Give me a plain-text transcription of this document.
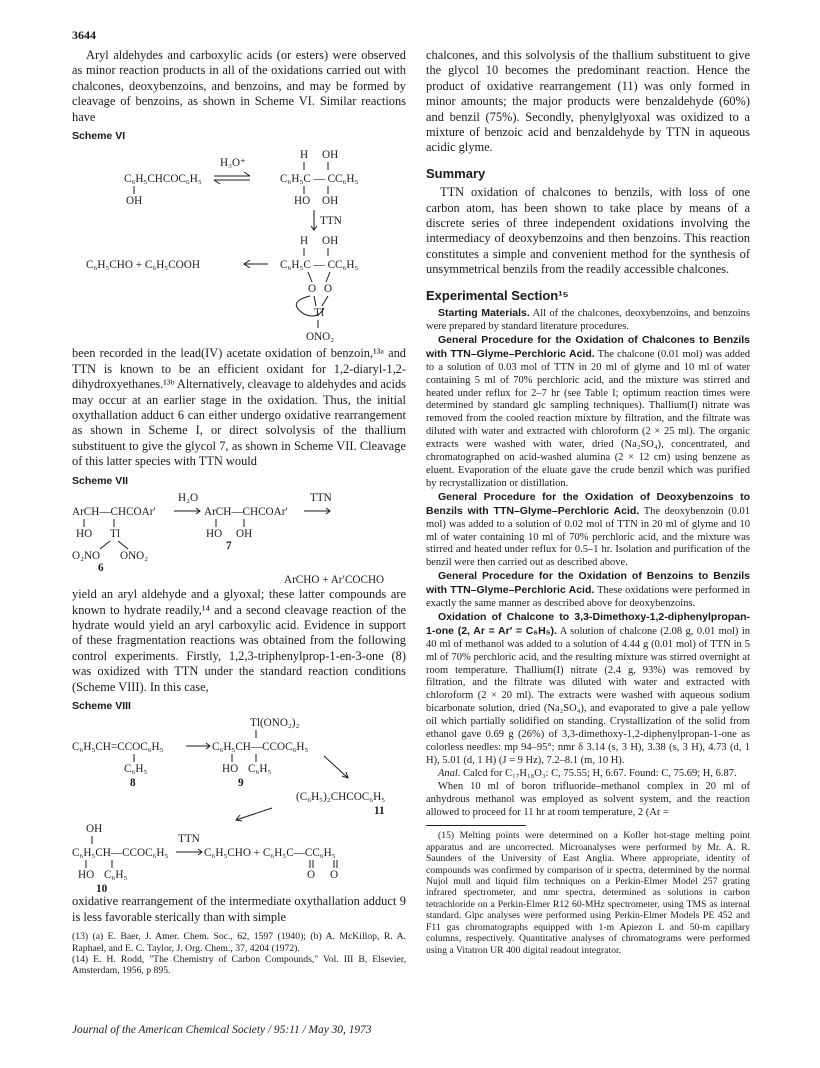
3644

Aryl aldehydes and carboxylic acids (or esters) were observed as minor reaction products in all of the oxidations carried out with chalcones, deoxybenzoins, and benzoins, and may be formed by cleavage of benzoins, as shown in Scheme VI. Similar reactions have

Scheme VI
H OH
H₃O⁺
C₆H₅CHCOC₆H₅	C₆H₅C — CC₆H₅
OH	HO OH
TTN
H OH
C₆H₅CHO + C₆H₅COOH	C₆H₅C — CC₆H₅
O O
Tl
ONO₂

been recorded in the lead(IV) acetate oxidation of benzoin,¹³ᵃ and TTN is known to be an efficient oxidant for 1,2-diaryl-1,2-dihydroxyethanes.¹³ᵇ Alternatively, cleavage to aldehydes and acids may occur at an earlier stage in the oxidation. Thus, the initial oxythallation adduct 6 can either undergo oxidative rearrangement as shown in Scheme I, or direct solvolysis of the thallium substituent to give the glycol 7, as shown in Scheme VII. Cleavage of this latter species with TTN would

Scheme VII
H₂O	TTN
ArCH—CHCOAr′	ArCH—CHCOAr′
HO Tl	HO OH
7
O₂NO ONO₂
6
ArCHO + Ar′COCHO

yield an aryl aldehyde and a glyoxal; these latter compounds are known to hydrate readily,¹⁴ and a second cleavage reaction of the hydrate would yield an aryl carboxylic acid. Evidence in support of these fragmentation reactions was obtained from the following control experiments. Firstly, 1,2,3-triphenylprop-1-en-3-one (8) was oxidized with TTN under the standard reaction conditions (Scheme VIII). In this case,

Scheme VIII
Tl(ONO₂)₂
C₆H₅CH=CCOC₆H₅	C₆H₅CH—CCOC₆H₅
C₆H₅	HO C₆H₅
8	9
(C₆H₅)₂CHCOC₆H₅
11
OH
TTN
C₆H₅CH—CCOC₆H₅	C₆H₅CHO + C₆H₅C—CC₆H₅
HO C₆H₅	O O
10

oxidative rearrangement of the intermediate oxythallation adduct 9 is less favorable sterically than with simple

(13) (a) E. Baer, J. Amer. Chem. Soc., 62, 1597 (1940); (b) A. McKillop, R. A. Raphael, and E. C. Taylor, J. Org. Chem., 37, 4204 (1972).

(14) E. H. Rodd, "The Chemistry of Carbon Compounds," Vol. III B, Elsevier, Amsterdam, 1956, p 895.

chalcones, and this solvolysis of the thallium substituent to give the glycol 10 becomes the predominant reaction. Hence the product of oxidative rearrangement (11) was only formed in minor amounts; the major products were benzaldehyde (60%) and benzil (75%). Secondly, phenylglyoxal was oxidized to a mixture of benzoic acid and benzaldehyde by TTN in aqueous acidic glyme.

Summary

TTN oxidation of chalcones to benzils, with loss of one carbon atom, has been shown to take place by means of a discrete series of three independent oxidations involving the intermediacy of deoxybenzoins and then benzoins. This reaction constitutes a simple and convenient method for the synthesis of unsymmetrical benzils from the readily accessible chalcones.

Experimental Section¹⁵

Starting Materials. All of the chalcones, deoxybenzoins, and benzoins were prepared by standard literature procedures.

General Procedure for the Oxidation of Chalcones to Benzils with TTN–Glyme–Perchloric Acid. The chalcone (0.01 mol) was added to a solution of 0.03 mol of TTN in 20 ml of glyme and 10 ml of water containing 5 ml of 70% perchloric acid, and the mixture was stirred and heated under reflux for 2–7 hr (see Table I; optimum reaction times were determined by standard glc sampling techniques). Thallium(I) nitrate was removed from the cooled reaction mixture by filtration, and the filtrate was diluted with water and extracted with chloroform (2 × 25 ml). The organic extracts were washed with water, dried (Na₂SO₄), concentrated, and chromatographed on acid-washed alumina (2 × 12 cm) using benzene as eluent. Evaporation of the eluate gave the crude benzil which was purified by recrystallization or distillation.

General Procedure for the Oxidation of Deoxybenzoins to Benzils with TTN–Glyme–Perchloric Acid. The deoxybenzoin (0.01 mol) was added to a solution of 0.02 mol of TTN in 20 ml of glyme and 10 ml of water containing 10 ml of 70% perchloric acid, and the mixture was stirred and heated under reflux for 0.5–1 hr. Isolation and purification of the benzil were then carried out as described above.

General Procedure for the Oxidation of Benzoins to Benzils with TTN–Glyme–Perchloric Acid. These oxidations were performed in exactly the same manner as described above for deoxybenzoins.

Oxidation of Chalcone to 3,3-Dimethoxy-1,2-diphenylpropan-1-one (2, Ar = Ar′ = C₆H₅). A solution of chalcone (2.08 g, 0.01 mol) in 40 ml of methanol was added to a solution of 4.44 g (0.01 mol) of TTN in 5 ml of 70% perchloric acid, and the resulting mixture was stirred overnight at room temperature. Thallium(I) nitrate (2.4 g, 93%) was removed by filtration, and the filtrate was diluted with water and extracted with chloroform (2 × 20 ml). The extracts were washed with aqueous sodium bicarbonate solution, dried (Na₂SO₄), and evaporated to give a pale yellow oil which partially solidified on standing. Crystallization of the solid from ethanol gave 0.69 g (26%) of 3,3-dimethoxy-1,2-diphenylpropan-1-one as colorless needles: mp 94–95°; nmr δ 3.14 (s, 3 H), 3.38 (s, 3 H), 4.73 (d, 1 H), 5.01 (d, 1 H) (J = 9 Hz), 7.2–8.1 (m, 10 H).

Anal. Calcd for C₁₇H₁₈O₃: C, 75.55; H, 6.67. Found: C, 75.69; H, 6.87.

When 10 ml of boron trifluoride–methanol complex in 20 ml of anhydrous methanol was employed as solvent system, and the reaction allowed to proceed for 11 hr at room temperature, 2 (Ar =

(15) Melting points were determined on a Kofler hot-stage melting point apparatus and are uncorrected. Microanalyses were performed by Mr. A. R. Saunders of the University of East Anglia. Where appropriate, identity of compounds was confirmed by comparison of ir spectra, determined by the normal Nujol mull and liquid film techniques on a Perkin-Elmer Model 257 grating infrared spectrometer, and nmr spectra, determined as solutions in carbon tetrachloride on a Perkin-Elmer R12 60-MHz spectrometer, using TMS as internal standard. Glpc analyses were performed using Perkin-Elmer Models PE 452 and F11 gas chromatographs equipped with 1-m Apiezon L and 50-m capillary columns, respectively. Quantitative analyses of chromatograms were performed using a Vitatron UR 400 digital readout integrator.

Journal of the American Chemical Society / 95:11 / May 30, 1973
